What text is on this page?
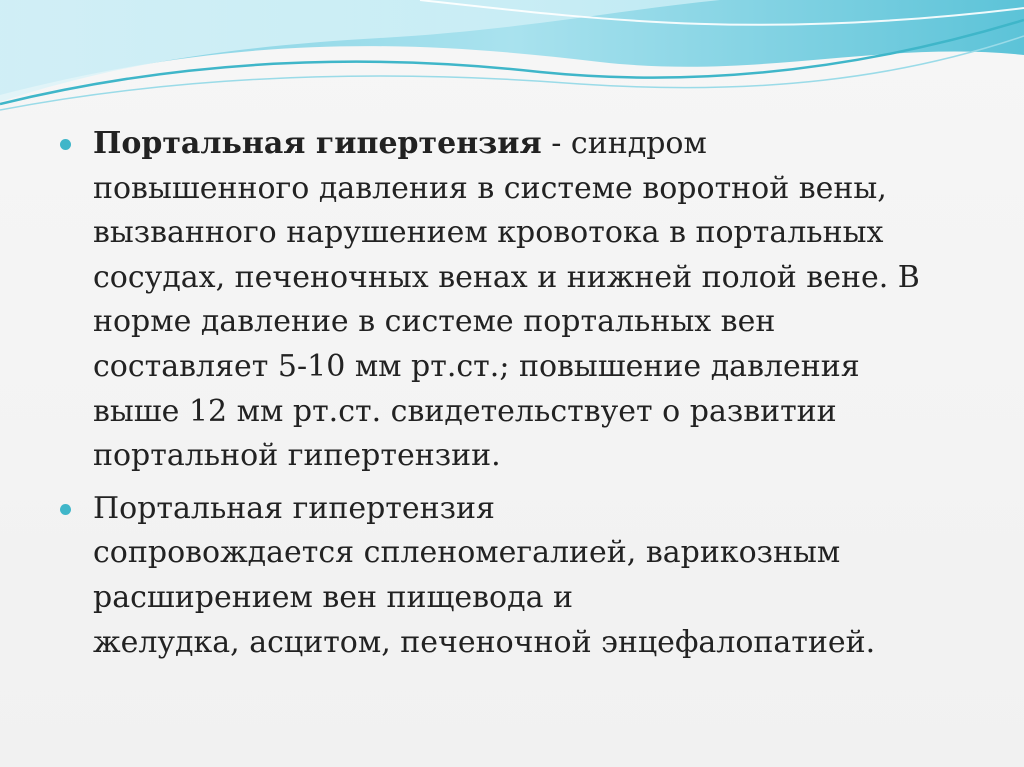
Портальная гипертензия - синдром
повышенного давления в системе воротной вены,
вызванного нарушением кровотока в портальных
сосудах, печеночных венах и нижней полой вене. В
норме давление в системе портальных вен
составляет 5-10 мм рт.ст.; повышение давления
выше 12 мм рт.ст. свидетельствует о развитии
портальной гипертензии.

Портальная гипертензия
сопровождается спленомегалией, варикозным
расширением вен пищевода и
желудка, асцитом, печеночной энцефалопатией.
